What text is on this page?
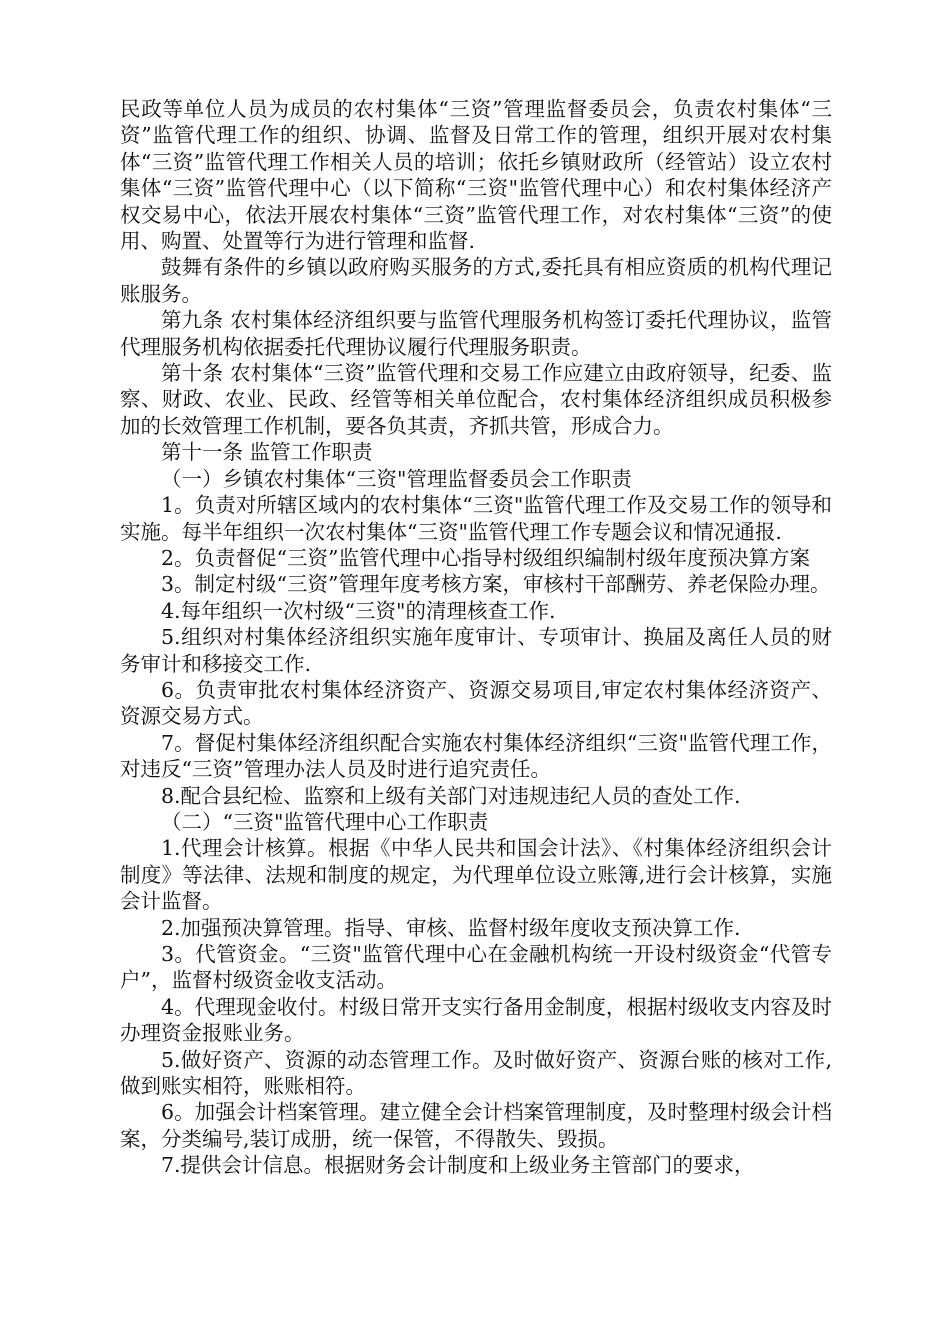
民政等单位人员为成员的农村集体“三资”管理监督委员会，负责农村集体“三资”监管代理工作的组织、协调、监督及日常工作的管理，组织开展对农村集体“三资”监管代理工作相关人员的培训；依托乡镇财政所（经管站）设立农村集体“三资”监管代理中心（以下简称“三资"监管代理中心）和农村集体经济产权交易中心，依法开展农村集体“三资”监管代理工作，对农村集体“三资”的使用、购置、处置等行为进行管理和监督.

鼓舞有条件的乡镇以政府购买服务的方式,委托具有相应资质的机构代理记账服务。

第九条 农村集体经济组织要与监管代理服务机构签订委托代理协议，监管代理服务机构依据委托代理协议履行代理服务职责。

第十条 农村集体“三资”监管代理和交易工作应建立由政府领导，纪委、监察、财政、农业、民政、经管等相关单位配合，农村集体经济组织成员积极参加的长效管理工作机制，要各负其责，齐抓共管，形成合力。

第十一条 监管工作职责

（一）乡镇农村集体“三资"管理监督委员会工作职责

1。负责对所辖区域内的农村集体“三资"监管代理工作及交易工作的领导和实施。每半年组织一次农村集体“三资"监管代理工作专题会议和情况通报.

2。负责督促“三资”监管代理中心指导村级组织编制村级年度预决算方案

3。制定村级“三资”管理年度考核方案，审核村干部酬劳、养老保险办理。

4.每年组织一次村级“三资"的清理核查工作.

5.组织对村集体经济组织实施年度审计、专项审计、换届及离任人员的财务审计和移接交工作.

6。负责审批农村集体经济资产、资源交易项目,审定农村集体经济资产、资源交易方式。

7。督促村集体经济组织配合实施农村集体经济组织“三资"监管代理工作，对违反“三资”管理办法人员及时进行追究责任。

8.配合县纪检、监察和上级有关部门对违规违纪人员的查处工作.

（二）“三资"监管代理中心工作职责

1.代理会计核算。根据《中华人民共和国会计法》、《村集体经济组织会计制度》等法律、法规和制度的规定，为代理单位设立账簿,进行会计核算，实施会计监督。

2.加强预决算管理。指导、审核、监督村级年度收支预决算工作.

3。代管资金。“三资"监管代理中心在金融机构统一开设村级资金“代管专户”，监督村级资金收支活动。

4。代理现金收付。村级日常开支实行备用金制度，根据村级收支内容及时办理资金报账业务。

5.做好资产、资源的动态管理工作。及时做好资产、资源台账的核对工作,做到账实相符，账账相符。

6。加强会计档案管理。建立健全会计档案管理制度，及时整理村级会计档案，分类编号,装订成册，统一保管，不得散失、毁损。

7.提供会计信息。根据财务会计制度和上级业务主管部门的要求，
